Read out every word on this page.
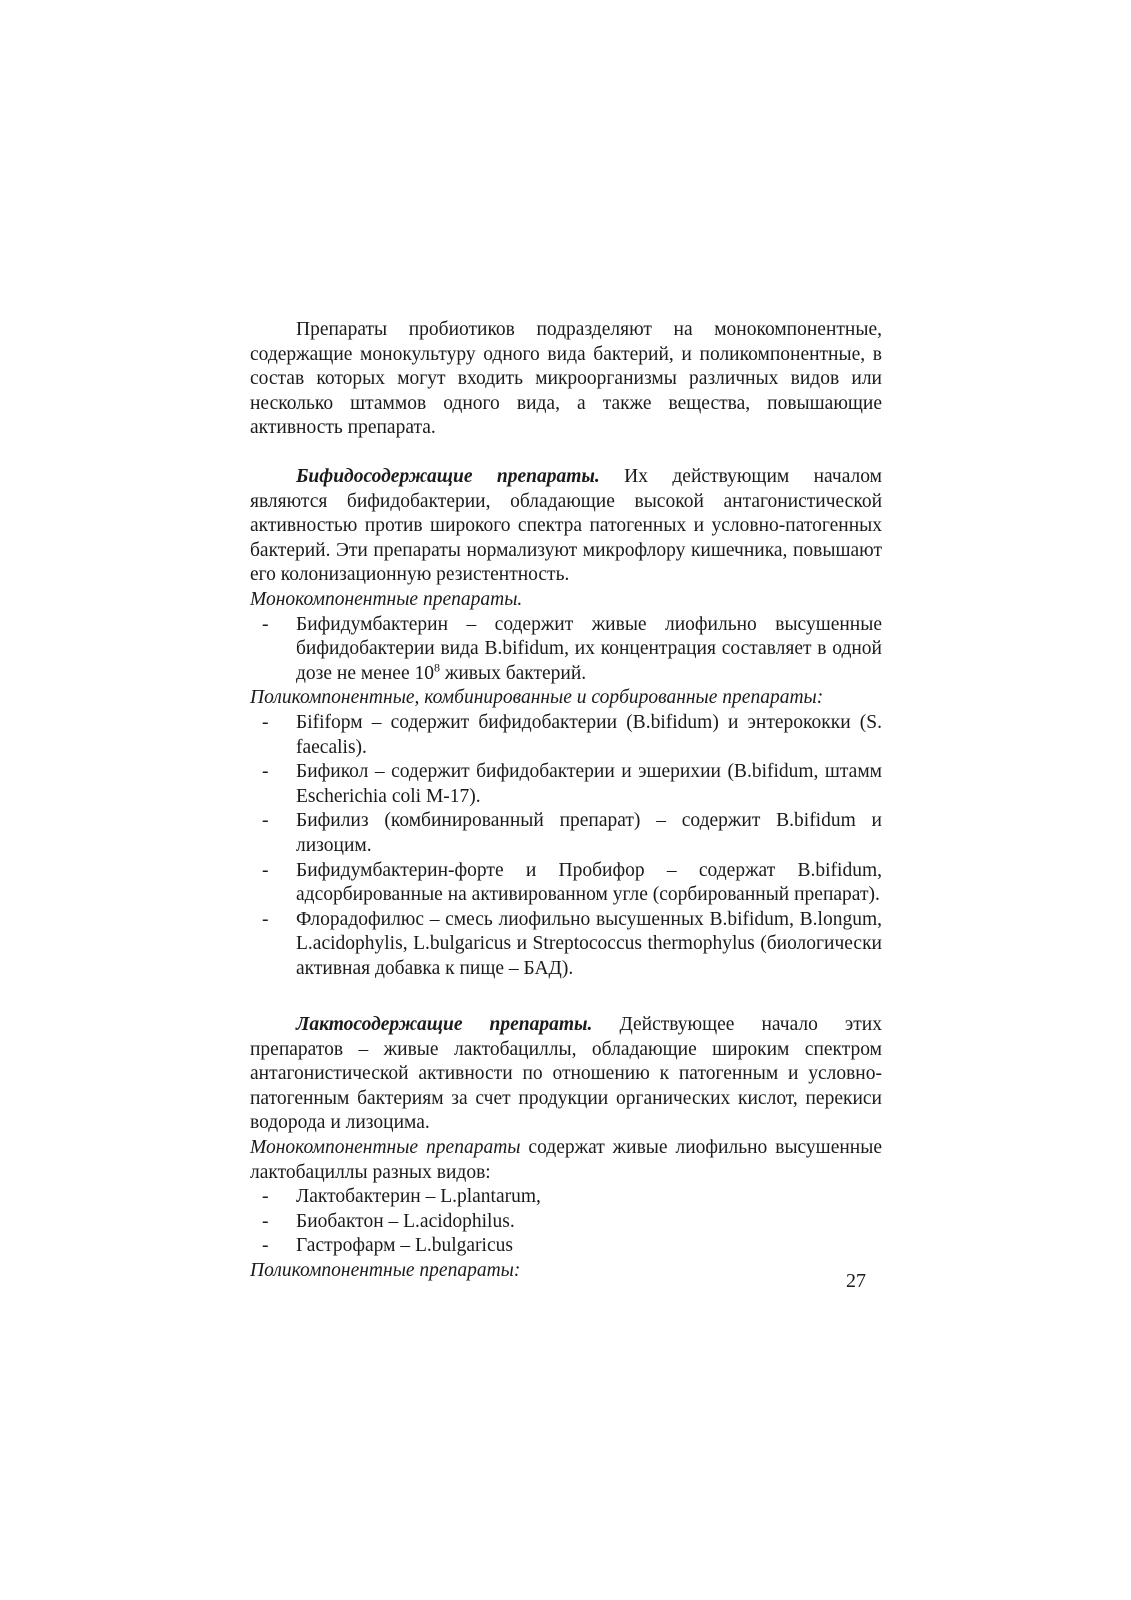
Препараты пробиотиков подразделяют на монокомпонентные, содержащие монокультуру одного вида бактерий, и поликомпонентные, в состав которых могут входить микроорганизмы различных видов или несколько штаммов одного вида, а также вещества, повышающие активность препарата.

Бифидосодержащие препараты. Их действующим началом являются бифидобактерии, обладающие высокой антагонистической активностью против широкого спектра патогенных и условно-патогенных бактерий. Эти препараты нормализуют микрофлору кишечника, повышают его колонизационную резистентность.

Монокомпонентные препараты.

- Бифидумбактерин – содержит живые лиофильно высушенные бифидобактерии вида B.bifidum, их концентрация составляет в одной дозе не менее $10^8$ живых бактерий.

Поликомпонентные, комбинированные и сорбированные препараты:

- Бififорм – содержит бифидобактерии (B.bifidum) и энтерококки (S. faecalis).
- Бификол – содержит бифидобактерии и эшерихии (B.bifidum, штамм Escherichia coli M-17).
- Бифилиз (комбинированный препарат) – содержит B.bifidum и лизоцим.
- Бифидумбактерин-форте и Пробифор – содержат B.bifidum, адсорбированные на активированном угле (сорбированный препарат).
- Флорадофилюс – смесь лиофильно высушенных B.bifidum, B.longum, L.acidophylis, L.bulgaricus и Streptococcus thermophylus (биологически активная добавка к пище – БАД).

Лактосодержащие препараты. Действующее начало этих препаратов – живые лактобациллы, обладающие широким спектром антагонистической активности по отношению к патогенным и условно-патогенным бактериям за счет продукции органических кислот, перекиси водорода и лизоцима.

Монокомпонентные препараты содержат живые лиофильно высушенные лактобациллы разных видов:

- Лактобактерин – L.plantarum,
- Биобактон – L.acidophilus.
- Гастрофарм – L.bulgaricus

Поликомпонентные препараты:	27
